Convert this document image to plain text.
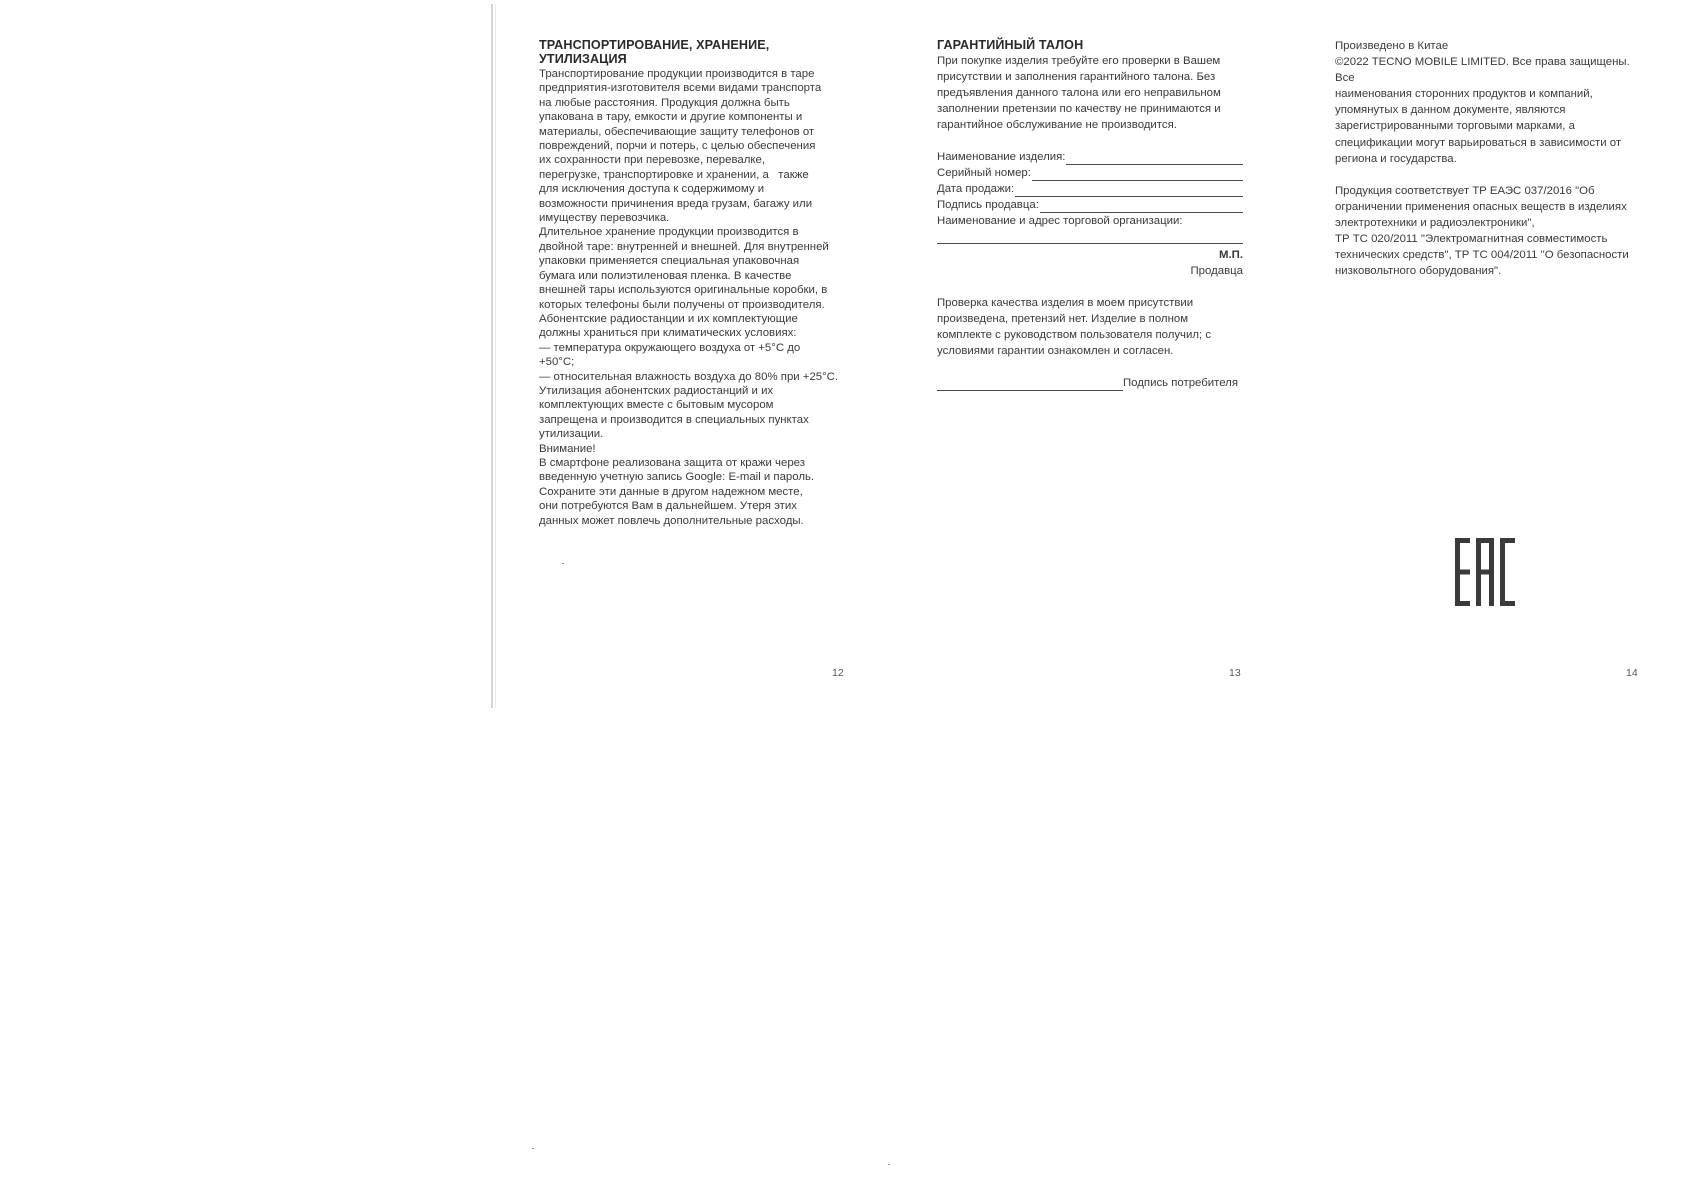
ТРАНСПОРТИРОВАНИЕ, ХРАНЕНИЕ, УТИЛИЗАЦИЯ

Транспортирование продукции производится в таре

предприятия-изготовителя всеми видами транспорта

на любые расстояния. Продукция должна быть

упакована в тару, емкости и другие компоненты и

материалы, обеспечивающие защиту телефонов от

повреждений, порчи и потерь, с целью обеспечения

их сохранности при перевозке, перевалке,

перегрузке, транспортировке и хранении, а   также

для исключения доступа к содержимому и

возможности причинения вреда грузам, багажу или

имуществу перевозчика.

Длительное хранение продукции производится в

двойной таре: внутренней и внешней. Для внутренней

упаковки применяется специальная упаковочная

бумага или полиэтиленовая пленка. В качестве

внешней тары используются оригинальные коробки, в

которых телефоны были получены от производителя.

Абонентские радиостанции и их комплектующие

должны храниться при климатических условиях:

— температура окружающего воздуха от +5°C до

+50°C;

— относительная влажность воздуха до 80% при +25°C.

Утилизация абонентских радиостанций и их

комплектующих вместе с бытовым мусором

запрещена и производится в специальных пунктах

утилизации.

Внимание!

В смартфоне реализована защита от кражи через

введенную учетную запись Google: E-mail и пароль.

Сохраните эти данные в другом надежном месте,

они потребуются Вам в дальнейшем. Утеря этих

данных может повлечь дополнительные расходы.

ГАРАНТИЙНЫЙ ТАЛОН

При покупке изделия требуйте его проверки в Вашем

присутствии и заполнения гарантийного талона. Без

предъявления данного талона или его неправильном

заполнении претензии по качеству не принимаются и

гарантийное обслуживание не производится.

Наименование изделия:
Серийный номер:
Дата продажи:
Подпись продавца:
Наименование и адрес торговой организации:
М.П.
Продавца

Проверка качества изделия в моем присутствии

произведена, претензий нет. Изделие в полном

комплекте с руководством пользователя получил; с

условиями гарантии ознакомлен и согласен.

Подпись потребителя

Произведено в Китае

©2022 TECNO MOBILE LIMITED. Все права защищены. Все

наименования сторонних продуктов и компаний,

упомянутых в данном документе, являются

зарегистрированными торговыми марками, а

спецификации могут варьироваться в зависимости от

региона и государства.

Продукция соответствует ТР ЕАЭС 037/2016 "Об

ограничении применения опасных веществ в изделиях

электротехники и радиоэлектроники",

ТР ТС 020/2011 "Электромагнитная совместимость

технических средств", ТР ТС 004/2011 "О безопасности

низковольтного оборудования".

12	13	14
